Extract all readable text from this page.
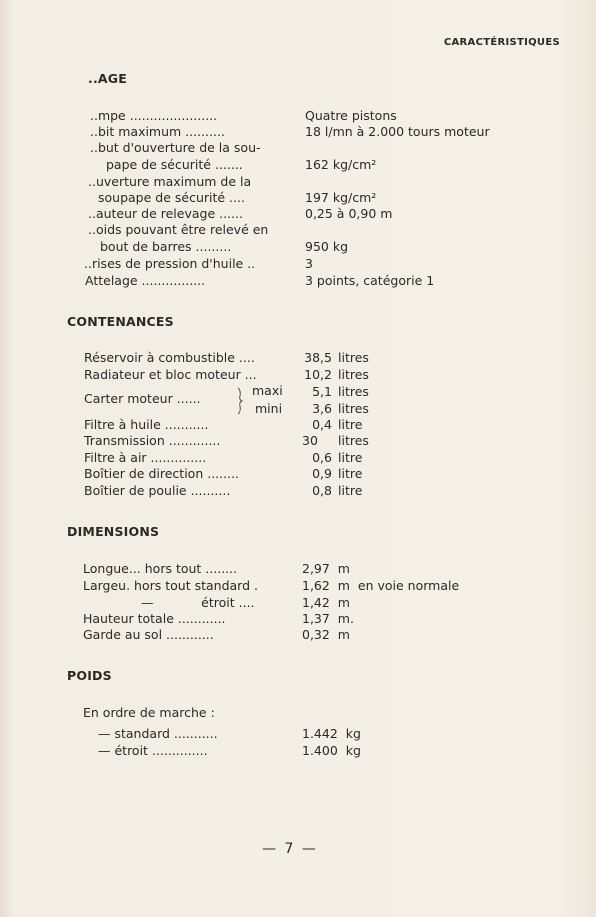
CARACTÉRISTIQUES
..AGE
..mpe ......................	Quatre pistons
..bit maximum ..........	18 l/mn à 2.000 tours moteur
..but d'ouverture de la sou-
pape de sécurité .......	162 kg/cm²
..uverture maximum de la
soupape de sécurité ....	197 kg/cm²
..auteur de relevage ......	0,25 à 0,90 m
..oids pouvant être relevé en
bout de barres .........	950 kg
..rises de pression d'huile ..	3
Attelage ................	3 points, catégorie 1
CONTENANCES
Réservoir à combustible ....	38,5 litres
Radiateur et bloc moteur ...	10,2 litres
Carter moteur ......
maxi	5,1 litres
mini	3,6 litres
Filtre à huile ...........	0,4 litre
Transmission .............	30 litres
Filtre à air ..............	0,6 litre
Boîtier de direction ........	0,9 litre
Boîtier de poulie ..........	0,8 litre
DIMENSIONS
Longue... hors tout ........	2,97  m
Largeu. hors tout standard .	1,62  m  en voie normale
—            étroit ....	1,42  m
Hauteur totale ............	1,37  m.
Garde au sol ............	0,32  m
POIDS
En ordre de marche :
— standard ...........	1.442  kg
— étroit ..............	1.400  kg
— 7 —
